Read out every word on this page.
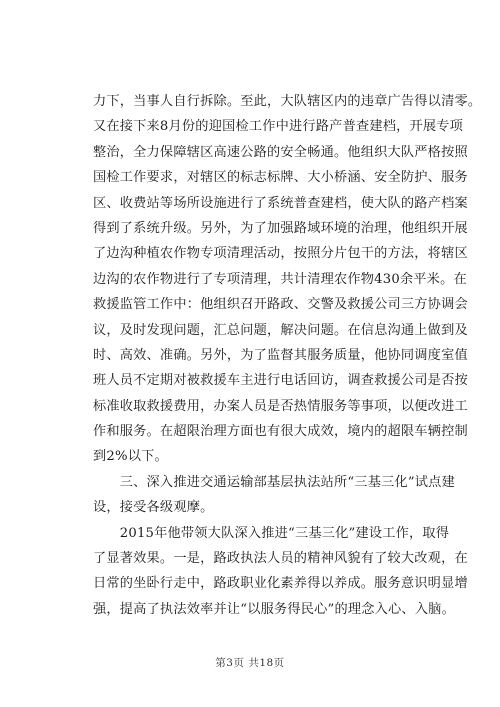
力下，当事人自行拆除。至此，大队辖区内的违章广告得以清零。
又在接下来8月份的迎国检工作中进行路产普查建档，开展专项
整治，全力保障辖区高速公路的安全畅通。他组织大队严格按照
国检工作要求，对辖区的标志标牌、大小桥涵、安全防护、服务
区、收费站等场所设施进行了系统普查建档，使大队的路产档案
得到了系统升级。另外，为了加强路域环境的治理，他组织开展
了边沟种植农作物专项清理活动，按照分片包干的方法，将辖区
边沟的农作物进行了专项清理，共计清理农作物430余平米。在
救援监管工作中：他组织召开路政、交警及救援公司三方协调会
议，及时发现问题，汇总问题，解决问题。在信息沟通上做到及
时、高效、准确。另外，为了监督其服务质量，他协同调度室值
班人员不定期对被救援车主进行电话回访，调查救援公司是否按
标准收取救援费用，办案人员是否热情服务等事项，以便改进工
作和服务。在超限治理方面也有很大成效，境内的超限车辆控制
到2%以下。
　　三、深入推进交通运输部基层执法站所“三基三化”试点建
设，接受各级观摩。
　　2015年他带领大队深入推进“三基三化”建设工作，取得
了显著效果。一是，路政执法人员的精神风貌有了较大改观，在
日常的坐卧行走中，路政职业化素养得以养成。服务意识明显增
强，提高了执法效率并让“以服务得民心”的理念入心、入脑。
第3页 共18页
